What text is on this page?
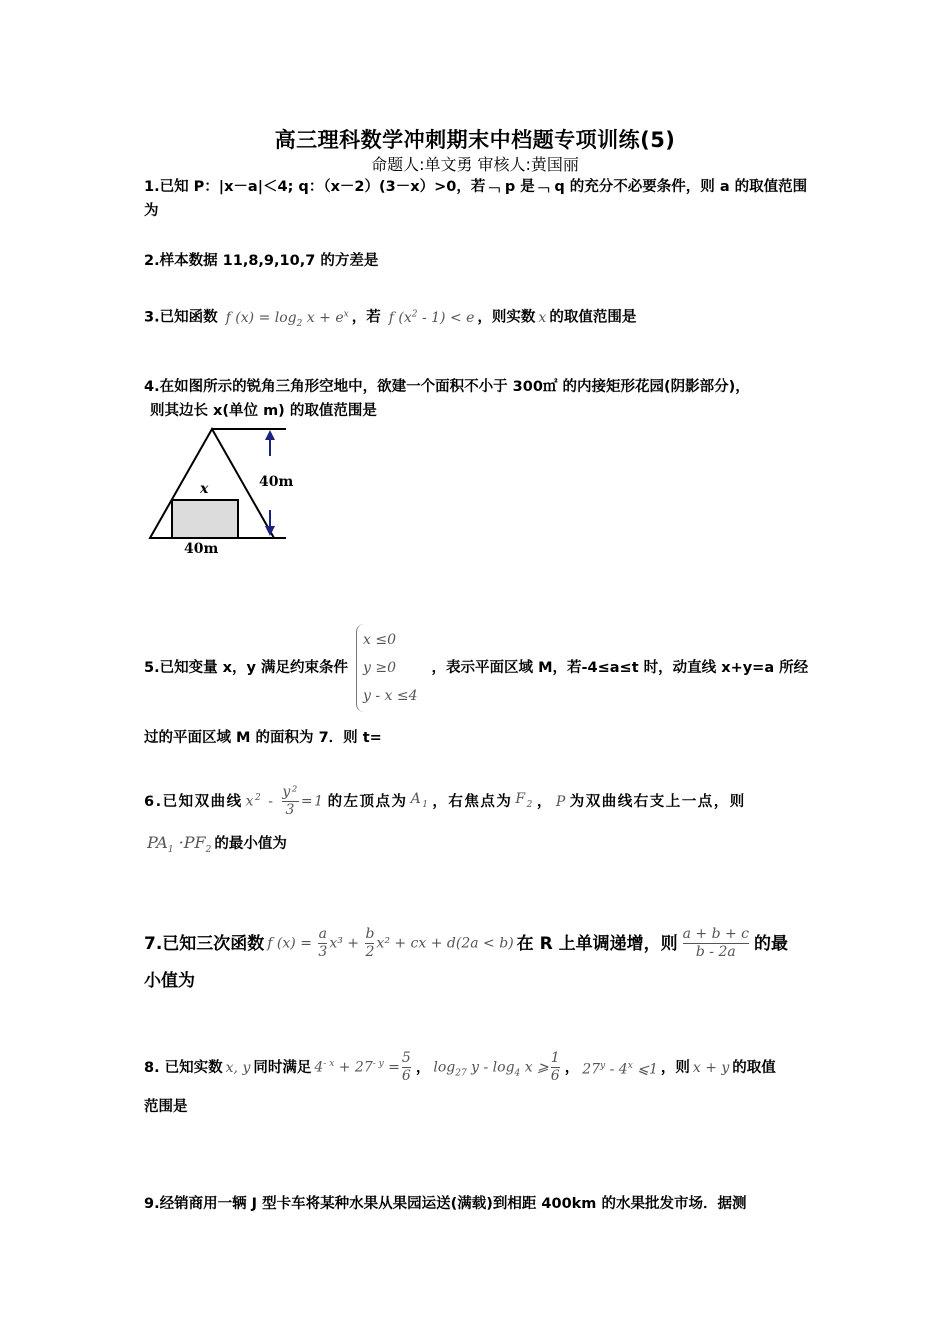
高三理科数学冲刺期末中档题专项训练(5)
命题人:单文勇 审核人:黄国丽
1.已知 P：|x－a|＜4; q：（x－2）(3－x）>0，若﹁ p 是﹁ q 的充分不必要条件，则 a 的取值范围为
2.样本数据 11,8,9,10,7 的方差是
3.已知函数 f $(x) = \log_2 x + e^x$ ，若 f $(x^2 - 1) < e$ ，则实数 x 的取值范围是
4.在如图所示的锐角三角形空地中，欲建一个面积不小于 300㎡ 的内接矩形花园(阴影部分)，
则其边长 x(单位 m) 的取值范围是
x	40m
40m
5.已知变量 x，y 满足约束条件
x ≤0
y ≥0
y - x ≤4
，表示平面区域 M，若-4≤a≤t 时，动直线 x+y=a 所经
过的平面区域 M 的面积为 7．则 t=
6.已知双曲线 $x^2 - \frac{\text{y²}}{3} =1$ 的左顶点为 $A_1$ ，右焦点为 $F_2$ ， P 为双曲线右支上一点，则
$PA_1 \cdot PF_2$ 的最小值为
7.已知三次函数 f $(x) = \frac{a}{3} x^3 + \frac{b}{2} x^2$ + cx + d(2a < b) 在 R 上单调递增，则 $\frac{a + b + c}{b - 2a}$ 的最
小值为
8. 已知实数 x, y 同时满足 $4^{- x} + 27^{- y} = \frac{5}{6}$ ， $\log_{27} y - \log_4 x$ ⩾ $\frac{1}{6}$ ， 27$^y$ - 4$^x$ ⩽1 ，则 x + y 的取值
范围是
9.经销商用一辆 J 型卡车将某种水果从果园运送(满载)到相距 400km 的水果批发市场．据测
